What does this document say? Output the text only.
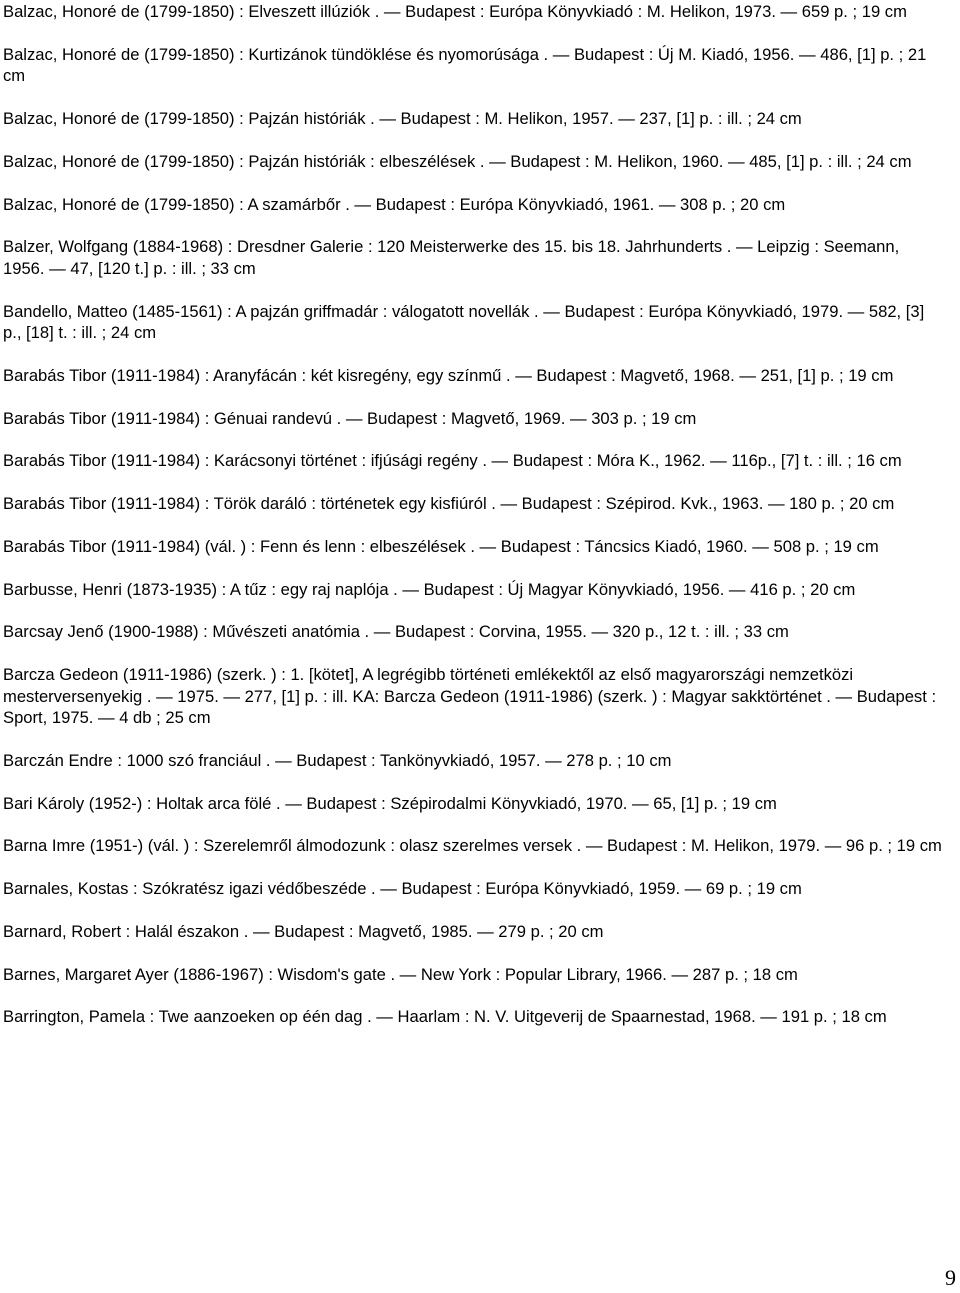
Balzac, Honoré de (1799-1850) : Elveszett illúziók . — Budapest : Európa Könyvkiadó : M. Helikon, 1973. — 659 p. ; 19 cm

Balzac, Honoré de (1799-1850) : Kurtizánok tündöklése és nyomorúsága . — Budapest : Új M. Kiadó, 1956. — 486, [1] p. ; 21 cm

Balzac, Honoré de (1799-1850) : Pajzán históriák . — Budapest : M. Helikon, 1957. — 237, [1] p. : ill. ; 24 cm

Balzac, Honoré de (1799-1850) : Pajzán históriák : elbeszélések . — Budapest : M. Helikon, 1960. — 485, [1] p. : ill. ; 24 cm

Balzac, Honoré de (1799-1850) : A szamárbőr . — Budapest : Európa Könyvkiadó, 1961. — 308 p. ; 20 cm

Balzer, Wolfgang (1884-1968) : Dresdner Galerie : 120 Meisterwerke des 15. bis 18. Jahrhunderts . — Leipzig : Seemann, 1956. — 47, [120 t.] p. : ill. ; 33 cm

Bandello, Matteo (1485-1561) : A pajzán griffmadár : válogatott novellák . — Budapest : Európa Könyvkiadó, 1979. — 582, [3] p., [18] t. : ill. ; 24 cm

Barabás Tibor (1911-1984) : Aranyfácán : két kisregény, egy színmű . — Budapest : Magvető, 1968. — 251, [1] p. ; 19 cm

Barabás Tibor (1911-1984) : Génuai randevú . — Budapest : Magvető, 1969. — 303 p. ; 19 cm

Barabás Tibor (1911-1984) : Karácsonyi történet : ifjúsági regény . — Budapest : Móra K., 1962. — 116p., [7] t. : ill. ; 16 cm

Barabás Tibor (1911-1984) : Török daráló : történetek egy kisfiúról . — Budapest : Szépirod. Kvk., 1963. — 180 p. ; 20 cm

Barabás Tibor (1911-1984) (vál. ) : Fenn és lenn : elbeszélések . — Budapest : Táncsics Kiadó, 1960. — 508 p. ; 19 cm

Barbusse, Henri (1873-1935) : A tűz : egy raj naplója . — Budapest : Új Magyar Könyvkiadó, 1956. — 416 p. ; 20 cm

Barcsay Jenő (1900-1988) : Művészeti anatómia . — Budapest : Corvina, 1955. — 320 p., 12 t. : ill. ; 33 cm

Barcza Gedeon (1911-1986) (szerk. ) : 1. [kötet], A legrégibb történeti emlékektől az első magyarországi nemzetközi mesterversenyekig . — 1975. — 277, [1] p. : ill. KA: Barcza Gedeon (1911-1986) (szerk. ) : Magyar sakktörténet . — Budapest : Sport, 1975. — 4 db ; 25 cm

Barczán Endre : 1000 szó franciául . — Budapest : Tankönyvkiadó, 1957. — 278 p. ; 10 cm

Bari Károly (1952-) : Holtak arca fölé . — Budapest : Szépirodalmi Könyvkiadó, 1970. — 65, [1] p. ; 19 cm

Barna Imre (1951-) (vál. ) : Szerelemről álmodozunk : olasz szerelmes versek . — Budapest : M. Helikon, 1979. — 96 p. ; 19 cm

Barnales, Kostas : Szókratész igazi védőbeszéde . — Budapest : Európa Könyvkiadó, 1959. — 69 p. ; 19 cm

Barnard, Robert : Halál északon . — Budapest : Magvető, 1985. — 279 p. ; 20 cm

Barnes, Margaret Ayer (1886-1967) : Wisdom's gate . — New York : Popular Library, 1966. — 287 p. ; 18 cm

Barrington, Pamela : Twe aanzoeken op één dag . — Haarlam : N. V. Uitgeverij de Spaarnestad, 1968. — 191 p. ; 18 cm

9
